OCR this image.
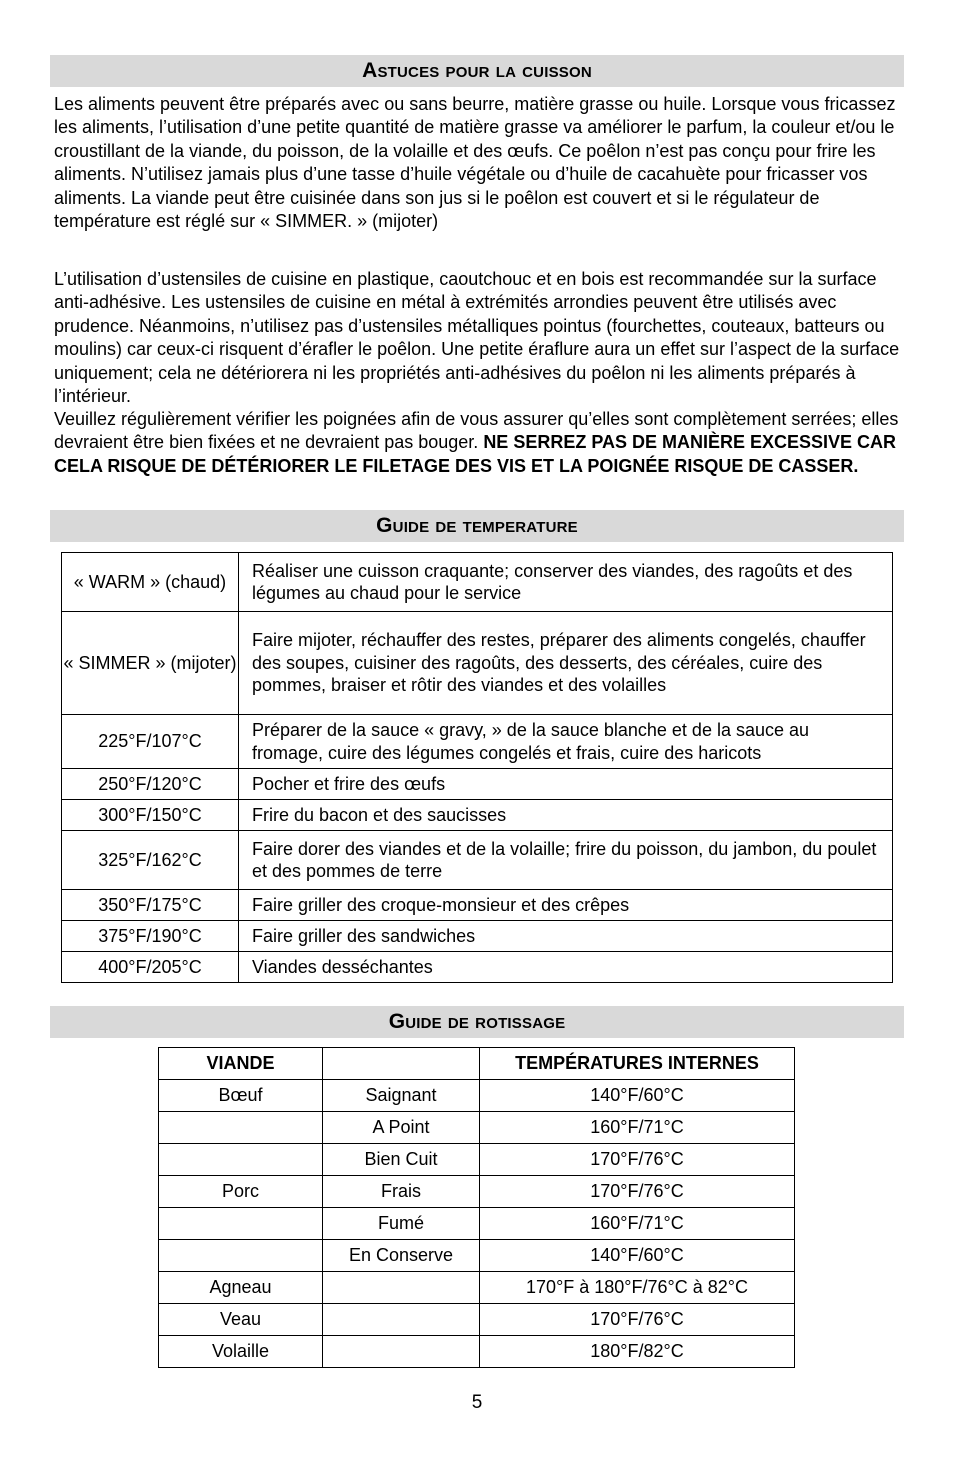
Astuces pour la cuisson
Les aliments peuvent être préparés avec ou sans beurre, matière grasse ou huile. Lorsque vous fricassez les aliments, l’utilisation d’une petite quantité de matière grasse va améliorer le parfum, la couleur et/ou le croustillant de la viande, du poisson, de la volaille et des œufs. Ce poêlon n’est pas conçu pour frire les aliments. N’utilisez jamais plus d’une tasse d’huile végétale ou d’huile de cacahuète pour fricasser vos aliments. La viande peut être cuisinée dans son jus si le poêlon est couvert et si le régulateur de température est réglé sur « SIMMER. » (mijoter)
L’utilisation d’ustensiles de cuisine en plastique, caoutchouc et en bois est recommandée sur la surface anti-adhésive. Les ustensiles de cuisine en métal à extrémités arrondies peuvent être utilisés avec prudence. Néanmoins, n’utilisez pas d’ustensiles métalliques pointus (fourchettes, couteaux, batteurs ou moulins) car ceux-ci risquent d’érafler le poêlon. Une petite éraflure aura un effet sur l’aspect de la surface uniquement; cela ne détériorera ni les propriétés anti-adhésives du poêlon ni les aliments préparés à l’intérieur.
Veuillez régulièrement vérifier les poignées afin de vous assurer qu’elles sont complètement serrées; elles devraient être bien fixées et ne devraient pas bouger. NE SERREZ PAS DE MANIÈRE EXCESSIVE CAR CELA RISQUE DE DÉTÉRIORER LE FILETAGE DES VIS ET LA POIGNÉE RISQUE DE CASSER.
Guide de temperature
« WARM » (chaud)	Réaliser une cuisson craquante; conserver des viandes, des ragoûts et des légumes au chaud pour le service
« SIMMER » (mijoter)	Faire mijoter, réchauffer des restes, préparer des aliments congelés, chauffer des soupes, cuisiner des ragoûts, des desserts, des céréales, cuire des pommes, braiser et rôtir des viandes et des volailles
225°F/107°C	Préparer de la sauce « gravy, » de la sauce blanche et de la sauce au fromage, cuire des légumes congelés et frais, cuire des haricots
250°F/120°C	Pocher et frire des œufs
300°F/150°C	Frire du bacon et des saucisses
325°F/162°C	Faire dorer des viandes et de la volaille; frire du poisson, du jambon, du poulet et des pommes de terre
350°F/175°C	Faire griller des croque-monsieur et des crêpes
375°F/190°C	Faire griller des sandwiches
400°F/205°C	Viandes desséchantes
Guide de rotissage
VIANDE		TEMPÉRATURES INTERNES
Bœuf	Saignant	140°F/60°C
	A Point	160°F/71°C
	Bien Cuit	170°F/76°C
Porc	Frais	170°F/76°C
	Fumé	160°F/71°C
	En Conserve	140°F/60°C
Agneau		170°F à 180°F/76°C à 82°C
Veau		170°F/76°C
Volaille		180°F/82°C
5
